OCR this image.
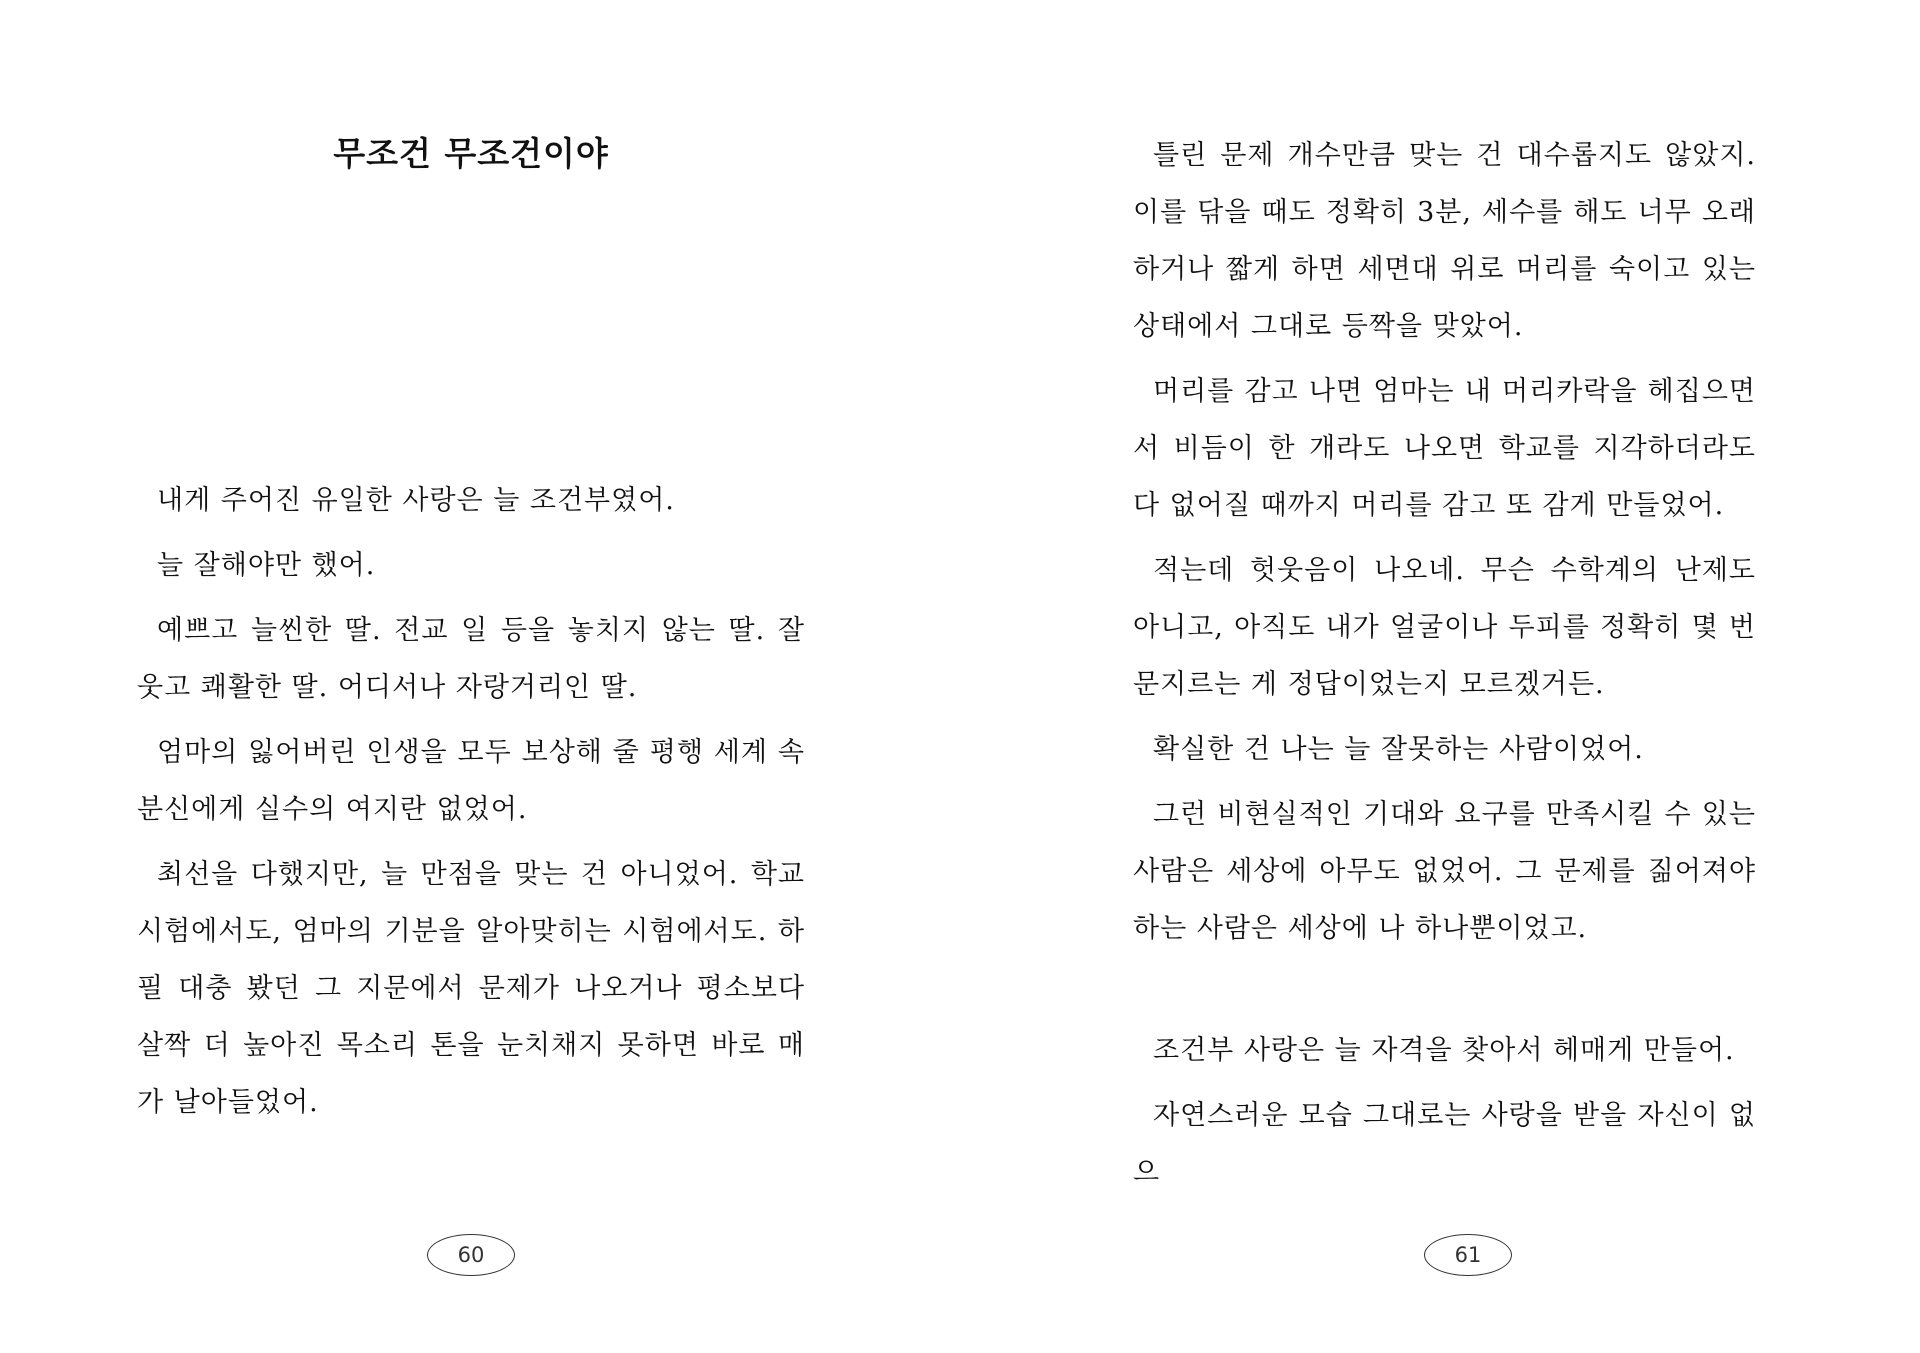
무조건 무조건이야

내게 주어진 유일한 사랑은 늘 조건부였어.

늘 잘해야만 했어.

예쁘고 늘씬한 딸. 전교 일 등을 놓치지 않는 딸. 잘 웃고 쾌활한 딸. 어디서나 자랑거리인 딸.

엄마의 잃어버린 인생을 모두 보상해 줄 평행 세계 속 분신에게 실수의 여지란 없었어.

최선을 다했지만, 늘 만점을 맞는 건 아니었어. 학교 시험에서도, 엄마의 기분을 알아맞히는 시험에서도. 하필 대충 봤던 그 지문에서 문제가 나오거나 평소보다 살짝 더 높아진 목소리 톤을 눈치채지 못하면 바로 매가 날아들었어.

60

틀린 문제 개수만큼 맞는 건 대수롭지도 않았지. 이를 닦을 때도 정확히 3분, 세수를 해도 너무 오래 하거나 짧게 하면 세면대 위로 머리를 숙이고 있는 상태에서 그대로 등짝을 맞았어.

머리를 감고 나면 엄마는 내 머리카락을 헤집으면서 비듬이 한 개라도 나오면 학교를 지각하더라도 다 없어질 때까지 머리를 감고 또 감게 만들었어.

적는데 헛웃음이 나오네. 무슨 수학계의 난제도 아니고, 아직도 내가 얼굴이나 두피를 정확히 몇 번 문지르는 게 정답이었는지 모르겠거든.

확실한 건 나는 늘 잘못하는 사람이었어.

그런 비현실적인 기대와 요구를 만족시킬 수 있는 사람은 세상에 아무도 없었어. 그 문제를 짊어져야 하는 사람은 세상에 나 하나뿐이었고.

조건부 사랑은 늘 자격을 찾아서 헤매게 만들어.

자연스러운 모습 그대로는 사랑을 받을 자신이 없으

61
